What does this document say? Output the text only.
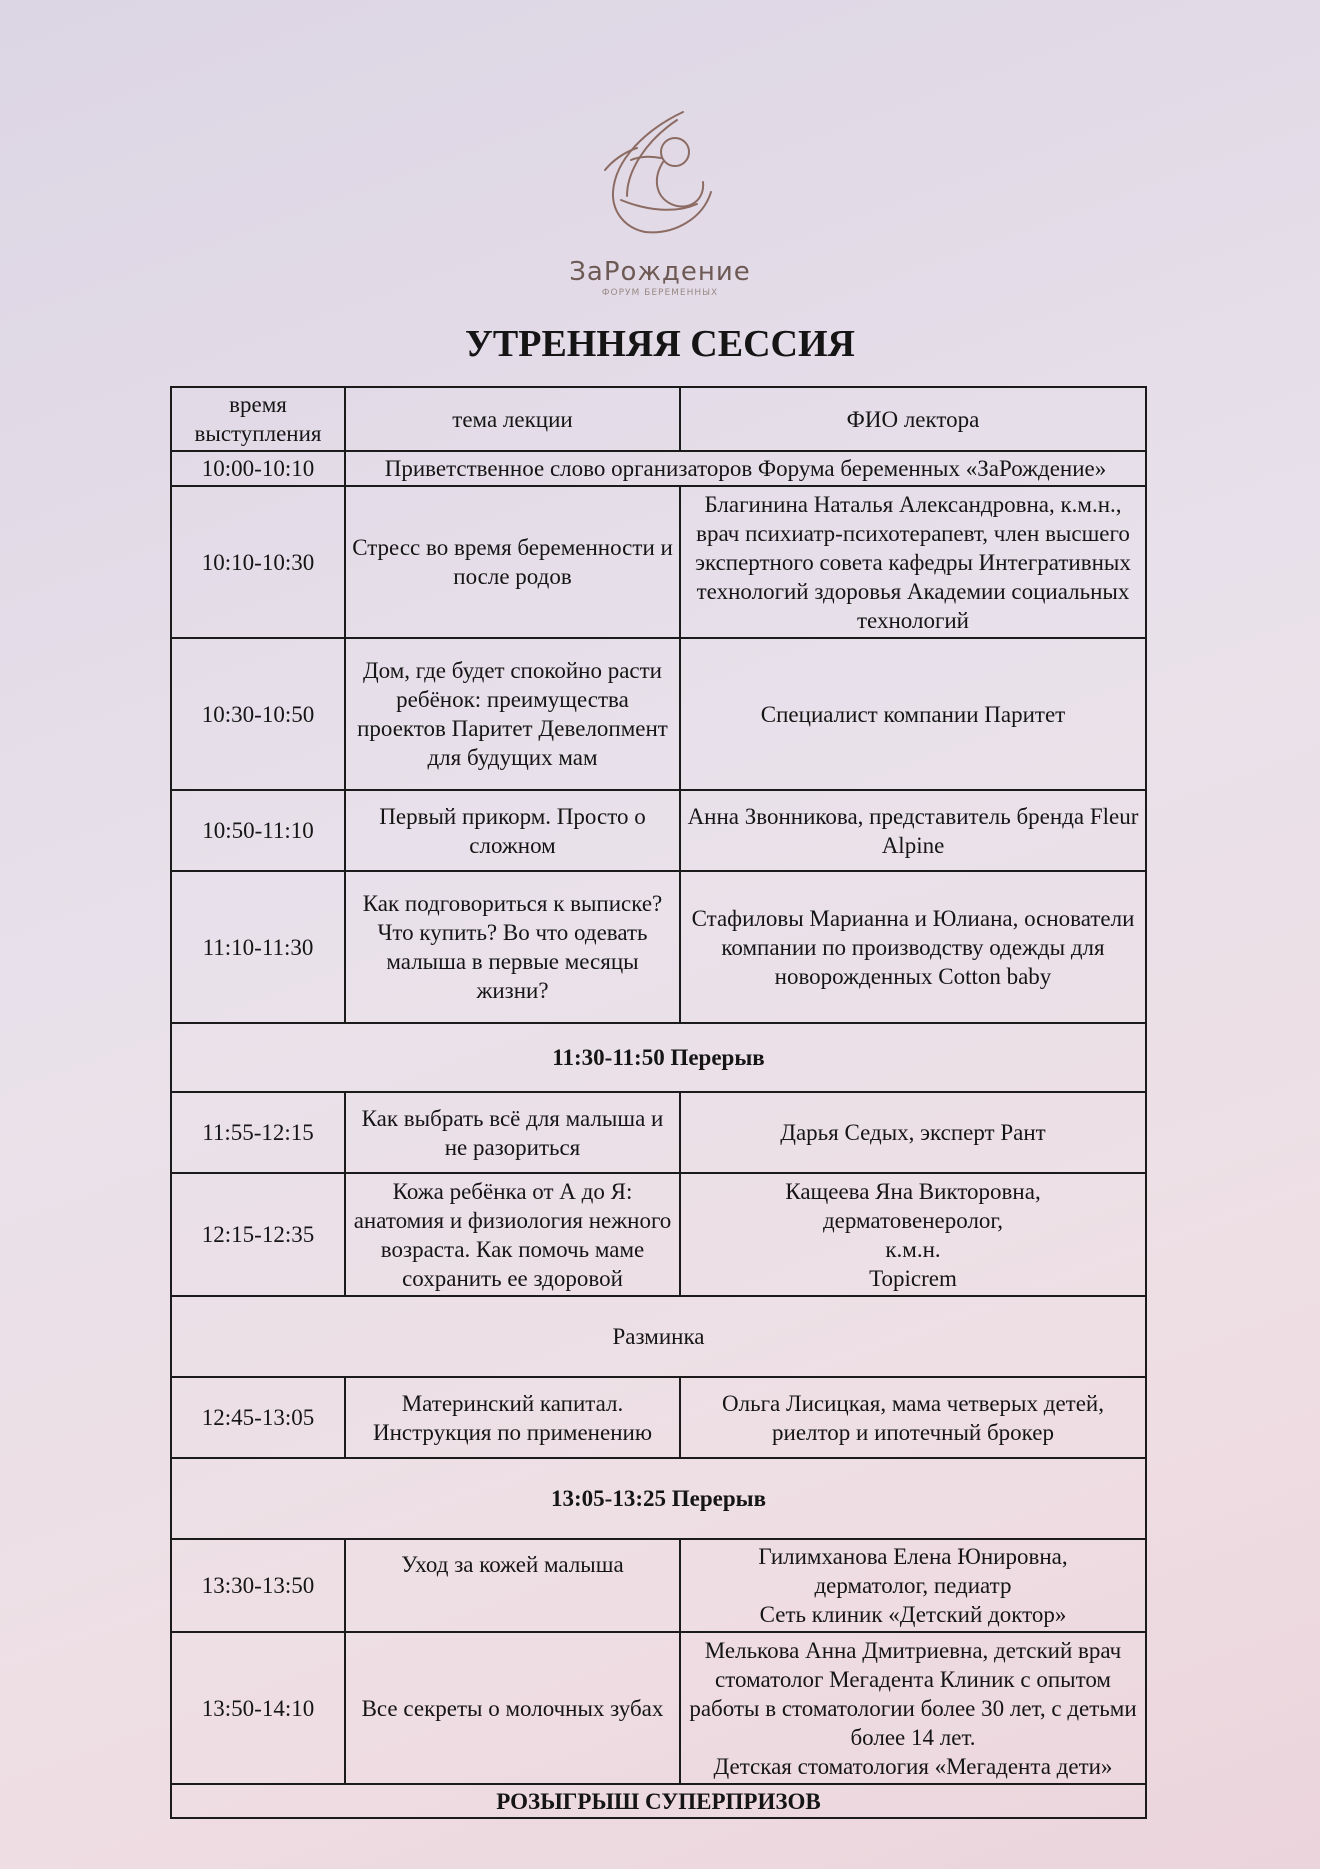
ЗаРождение
ФОРУМ БЕРЕМЕННЫХ
УТРЕННЯЯ СЕССИЯ
время выступления	тема лекции	ФИО лектора
10:00-10:10	Приветственное слово организаторов Форума беременных «ЗаРождение»	
10:10-10:30	Стресс во время беременности и после родов	Благинина Наталья Александровна, к.м.н., врач психиатр-психотерапевт, член высшего экспертного совета кафедры Интегративных технологий здоровья Академии социальных технологий
10:30-10:50	Дом, где будет спокойно расти ребёнок: преимущества проектов Паритет Девелопмент для будущих мам	Специалист компании Паритет
10:50-11:10	Первый прикорм. Просто о сложном	Анна Звонникова, представитель бренда Fleur Alpine
11:10-11:30	Как подговориться к выписке? Что купить? Во что одевать малыша в первые месяцы жизни?	Стафиловы Марианна и Юлиана, основатели компании по производству одежды для новорожденных Cotton baby
11:30-11:50 Перерыв		
11:55-12:15	Как выбрать всё для малыша и не разориться	Дарья Седых, эксперт Рант
12:15-12:35	Кожа ребёнка от А до Я: анатомия и физиология нежного возраста. Как помочь маме сохранить ее здоровой	Кащеева Яна Викторовна,
дерматовенеролог,
к.м.н.
Topicrem

Разминка		
12:45-13:05	Материнский капитал. Инструкция по применению	Ольга Лисицкая, мама четверых детей, риелтор и ипотечный брокер
13:05-13:25 Перерыв		
13:30-13:50	Уход за кожей малыша	Гилимханова Елена Юнировна,
дерматолог, педиатр
Сеть клиник «Детский доктор»

13:50-14:10	Все секреты о молочных зубах	Мелькова Анна Дмитриевна, детский врач стоматолог Мегадента Клиник с опытом работы в стоматологии более 30 лет, с детьми более 14 лет.
Детская стоматология «Мегадента дети»

РОЗЫГРЫШ СУПЕРПРИЗОВ		
